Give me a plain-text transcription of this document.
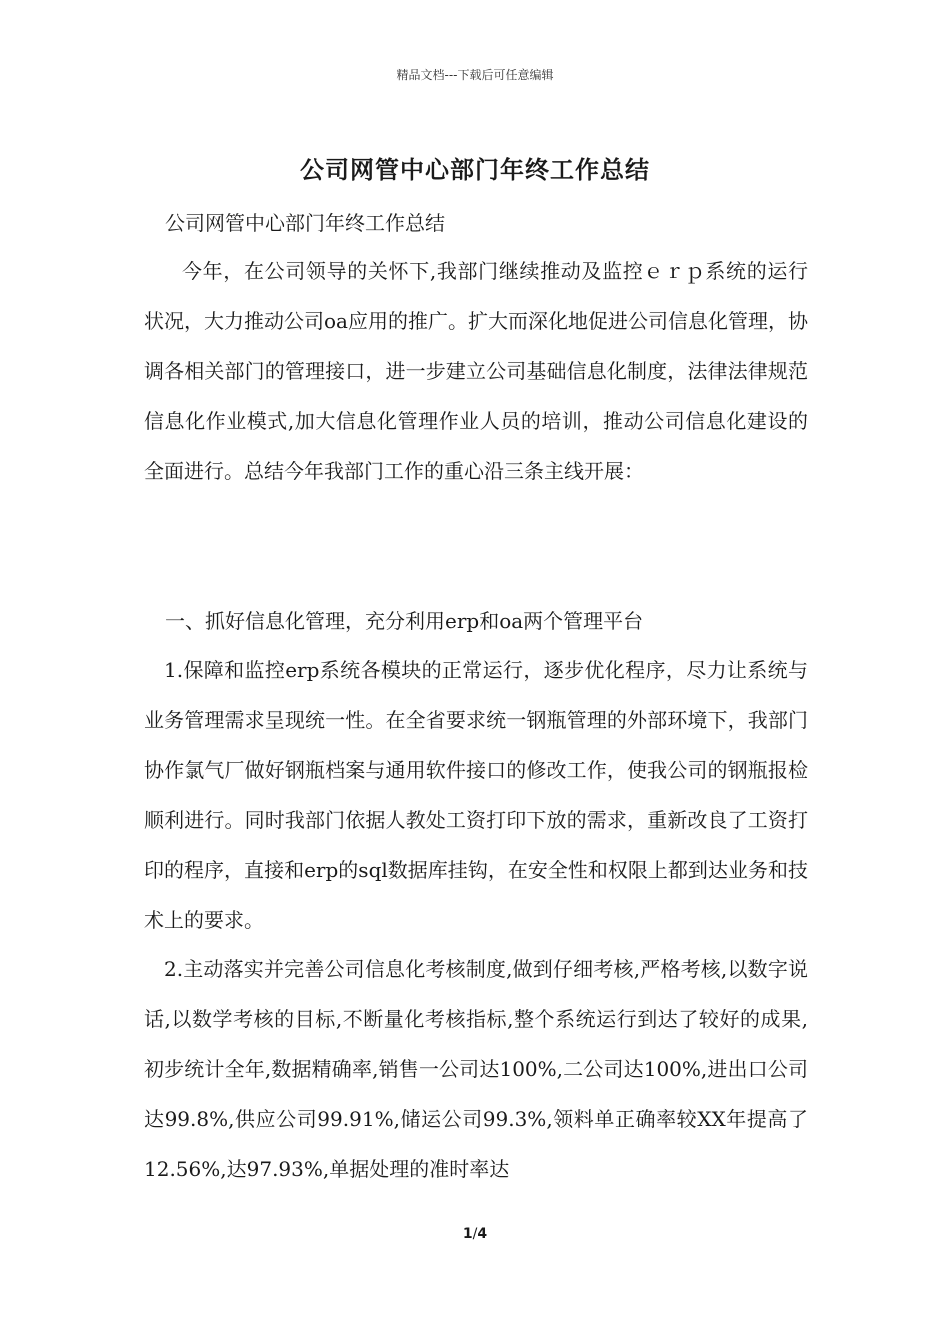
精品文档---下载后可任意编辑
公司网管中心部门年终工作总结
公司网管中心部门年终工作总结

今年，在公司领导的关怀下,我部门继续推动及监控ｅｒｐ系统的运行状况，大力推动公司oa应用的推广。扩大而深化地促进公司信息化管理，协调各相关部门的管理接口，进一步建立公司基础信息化制度，法律法律规范信息化作业模式,加大信息化管理作业人员的培训，推动公司信息化建设的全面进行。总结今年我部门工作的重心沿三条主线开展：

一、抓好信息化管理，充分利用erp和oa两个管理平台

1.保障和监控erp系统各模块的正常运行，逐步优化程序，尽力让系统与业务管理需求呈现统一性。在全省要求统一钢瓶管理的外部环境下，我部门协作氯气厂做好钢瓶档案与通用软件接口的修改工作，使我公司的钢瓶报检顺利进行。同时我部门依据人教处工资打印下放的需求，重新改良了工资打印的程序，直接和erp的sql数据库挂钩，在安全性和权限上都到达业务和技术上的要求。

2.主动落实并完善公司信息化考核制度,做到仔细考核,严格考核,以数字说话,以数学考核的目标,不断量化考核指标,整个系统运行到达了较好的成果,初步统计全年,数据精确率,销售一公司达100%,二公司达100%,进出口公司达99.8%,供应公司99.91%,储运公司99.3%,领料单正确率较XX年提高了12.56%,达97.93%,单据处理的准时率达

1/4
